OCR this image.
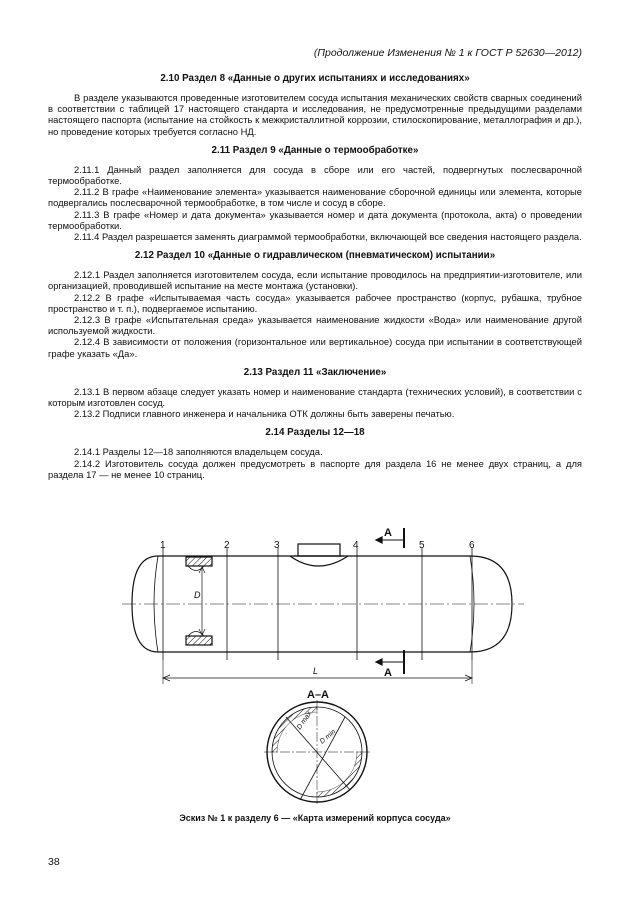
(Продолжение Изменения № 1 к ГОСТ Р 52630—2012)
2.10 Раздел 8 «Данные о других испытаниях и исследованиях»

В разделе указываются проведенные изготовителем сосуда испытания механических свойств сварных соединений в соответствии с таблицей 17 настоящего стандарта и исследования, не предусмотренные предыдущими разделами настоящего паспорта (испытание на стойкость к межкристаллитной коррозии, стилоскопирование, металлография и др.), но проведение которых требуется согласно НД.

2.11 Раздел 9 «Данные о термообработке»

2.11.1 Данный раздел заполняется для сосуда в сборе или его частей, подвергнутых послесварочной термообработке.

2.11.2 В графе «Наименование элемента» указывается наименование сборочной единицы или элемента, которые подвергались послесварочной термообработке, в том числе и сосуд в сборе.

2.11.3 В графе «Номер и дата документа» указывается номер и дата документа (протокола, акта) о проведении термообработки.

2.11.4 Раздел разрешается заменять диаграммой термообработки, включающей все сведения настоящего раздела.

2.12 Раздел 10 «Данные о гидравлическом (пневматическом) испытании»

2.12.1 Раздел заполняется изготовителем сосуда, если испытание проводилось на предприятии-изготовителе, или организацией, проводившей испытание на месте монтажа (установки).

2.12.2 В графе «Испытываемая часть сосуда» указывается рабочее пространство (корпус, рубашка, трубное пространство и т. п.), подвергаемое испытанию.

2.12.3 В графе «Испытательная среда» указывается наименование жидкости «Вода» или наименование другой используемой жидкости.

2.12.4 В зависимости от положения (горизонтальное или вертикальное) сосуда при испытании в соответствующей графе указать «Да».

2.13 Раздел 11 «Заключение»

2.13.1 В первом абзаце следует указать номер и наименование стандарта (технических условий), в соответствии с которым изготовлен сосуд.

2.13.2 Подписи главного инженера и начальника ОТК должны быть заверены печатью.

2.14 Разделы 12—18

2.14.1 Разделы 12—18 заполняются владельцем сосуда.

2.14.2 Изготовитель сосуда должен предусмотреть в паспорте для раздела 16 не менее двух страниц, а для раздела 17 — не менее 10 страниц.

1	2	3	4	5	6
А
А
А–А
D
L
D max
D min
Эскиз № 1 к разделу 6 — «Карта измерений корпуса сосуда»
38
